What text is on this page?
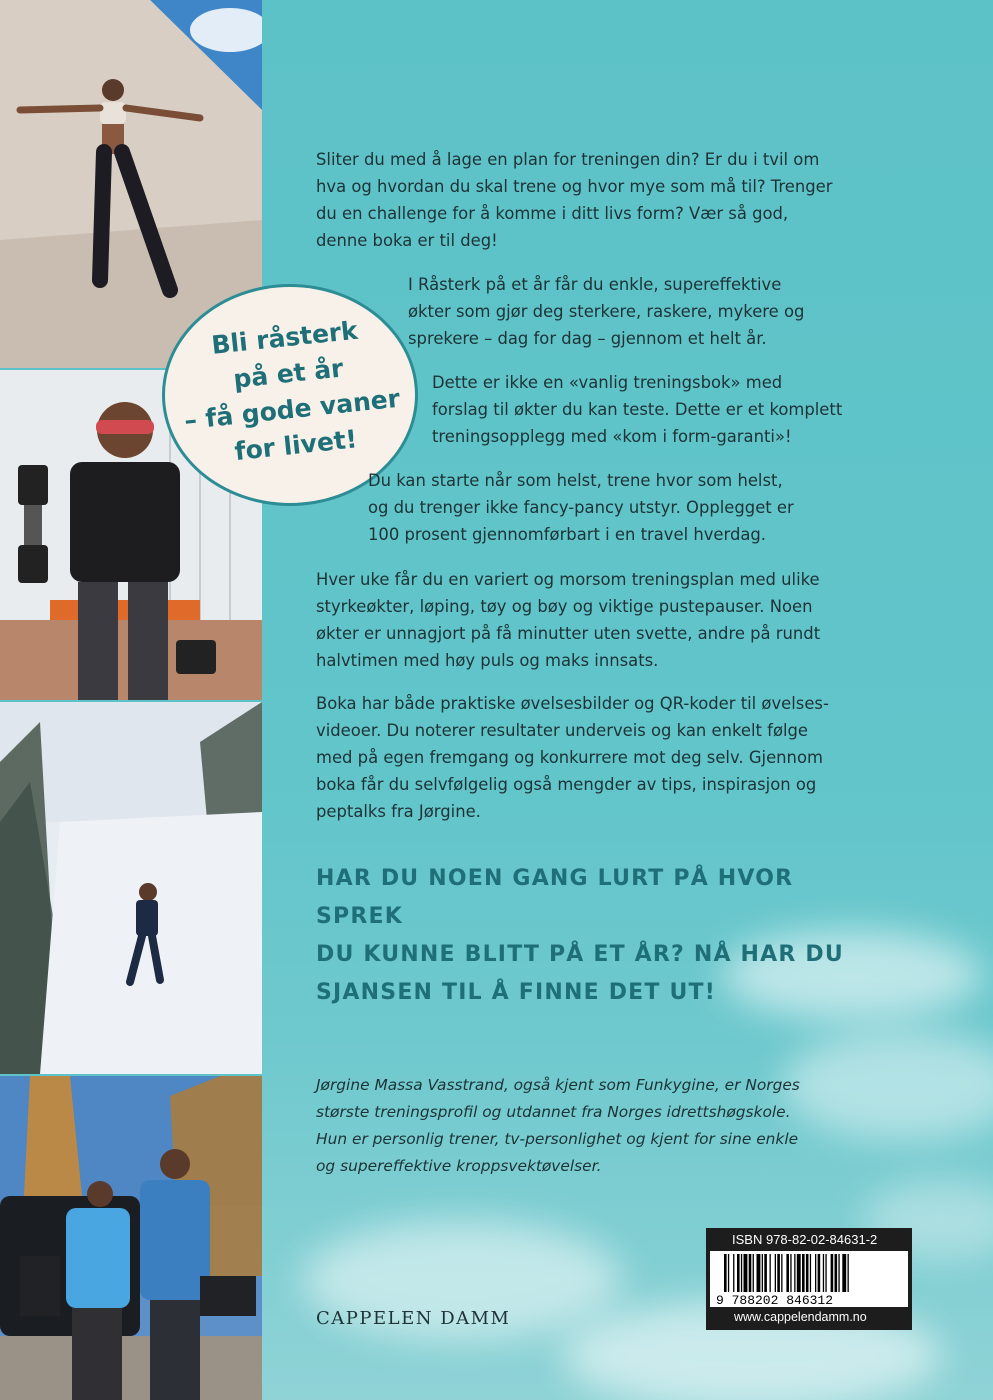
Bli råsterk
på et år
– få gode vaner
for livet!

Sliter du med å lage en plan for treningen din? Er du i tvil om
hva og hvordan du skal trene og hvor mye som må til? Trenger
du en challenge for å komme i ditt livs form? Vær så god,
denne boka er til deg!

I Råsterk på et år får du enkle, supereffektive
økter som gjør deg sterkere, raskere, mykere og
sprekere – dag for dag – gjennom et helt år.

Dette er ikke en «vanlig treningsbok» med
forslag til økter du kan teste. Dette er et komplett
treningsopplegg med «kom i form-garanti»!

Du kan starte når som helst, trene hvor som helst,
og du trenger ikke fancy-pancy utstyr. Opplegget er
100 prosent gjennomførbart i en travel hverdag.

Hver uke får du en variert og morsom treningsplan med ulike
styrkeøkter, løping, tøy og bøy og viktige pustepauser. Noen
økter er unnagjort på få minutter uten svette, andre på rundt
halvtimen med høy puls og maks innsats.

Boka har både praktiske øvelsesbilder og QR-koder til øvelses-
videoer. Du noterer resultater underveis og kan enkelt følge
med på egen fremgang og konkurrere mot deg selv. Gjennom
boka får du selvfølgelig også mengder av tips, inspirasjon og
peptalks fra Jørgine.

HAR DU NOEN GANG LURT PÅ HVOR SPREK
DU KUNNE BLITT PÅ ET ÅR? NÅ HAR DU
SJANSEN TIL Å FINNE DET UT!
Jørgine Massa Vasstrand, også kjent som Funkygine, er Norges
største treningsprofil og utdannet fra Norges idrettshøgskole.
Hun er personlig trener, tv-personlighet og kjent for sine enkle
og supereffektive kroppsvektøvelser.
CAPPELEN DAMM
ISBN 978-82-02-84631-2
9 788202 846312
www.cappelendamm.no
